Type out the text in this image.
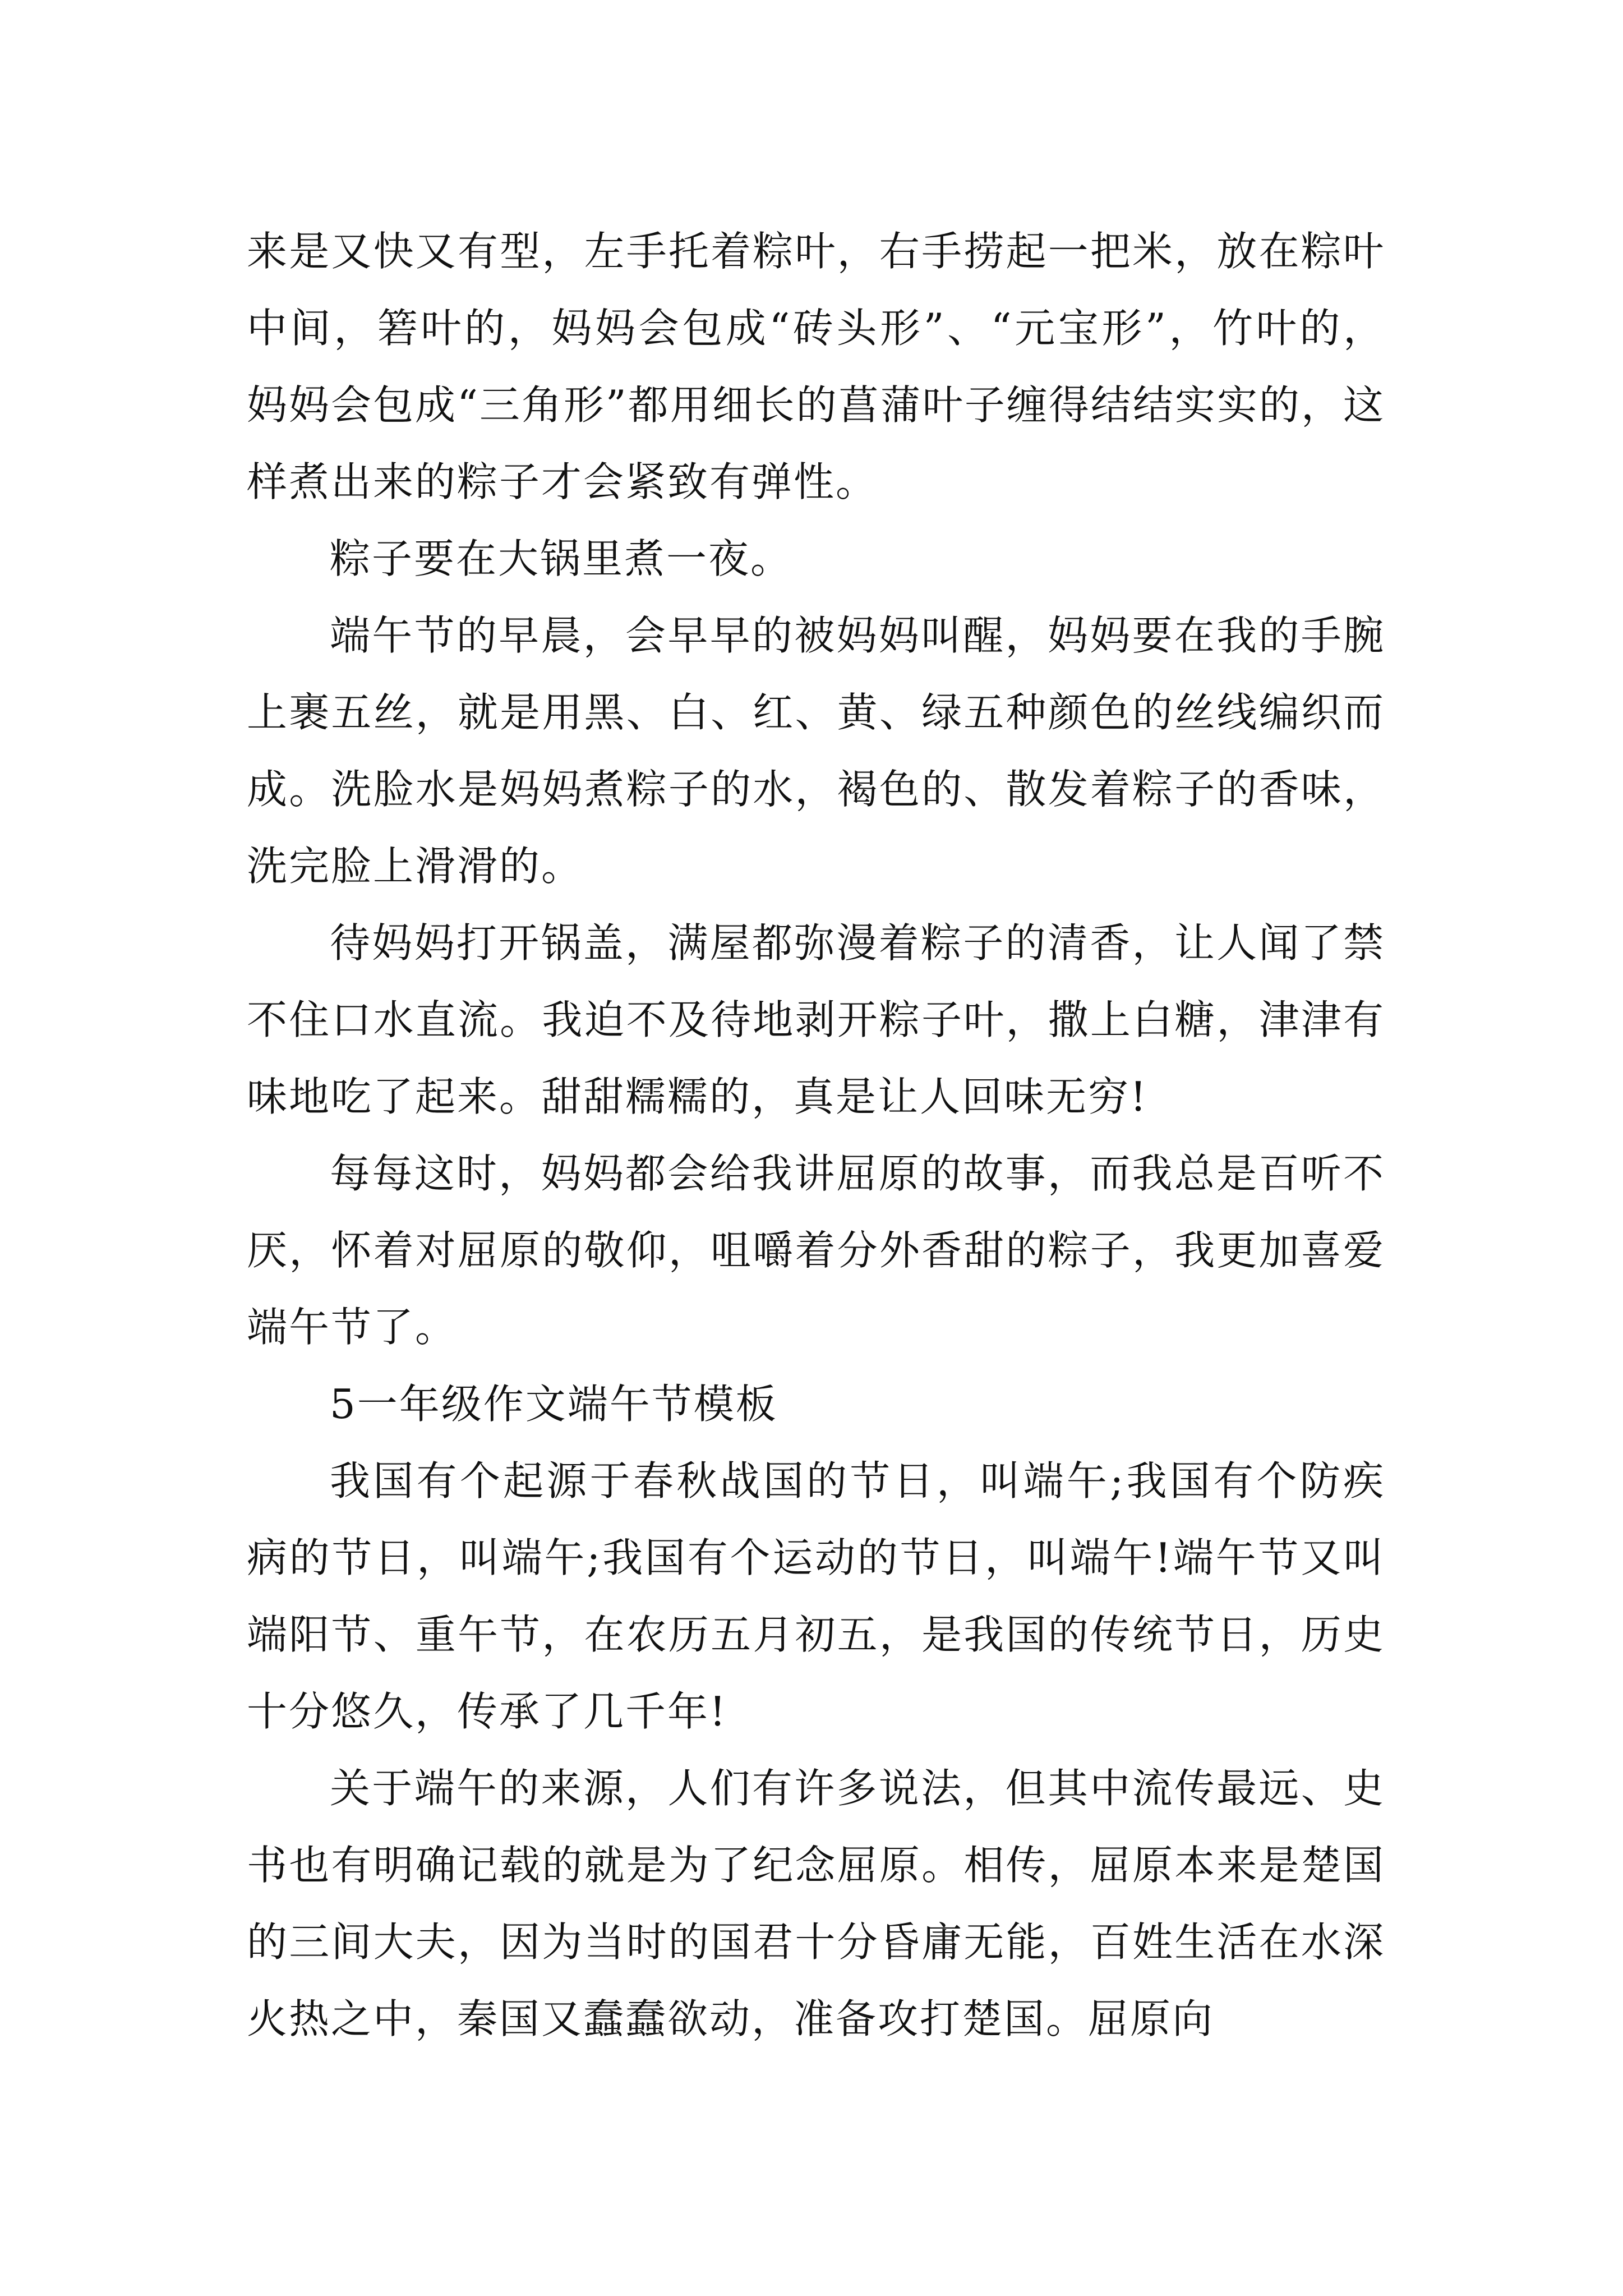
来是又快又有型，左手托着粽叶，右手捞起一把米，放在粽叶中间，箬叶的，妈妈会包成“砖头形”、“元宝形”，竹叶的，妈妈会包成“三角形”都用细长的菖蒲叶子缠得结结实实的，这样煮出来的粽子才会紧致有弹性。

粽子要在大锅里煮一夜。

端午节的早晨，会早早的被妈妈叫醒，妈妈要在我的手腕上裹五丝，就是用黑、白、红、黄、绿五种颜色的丝线编织而成。洗脸水是妈妈煮粽子的水，褐色的、散发着粽子的香味，洗完脸上滑滑的。

待妈妈打开锅盖，满屋都弥漫着粽子的清香，让人闻了禁不住口水直流。我迫不及待地剥开粽子叶，撒上白糖，津津有味地吃了起来。甜甜糯糯的，真是让人回味无穷!

每每这时，妈妈都会给我讲屈原的故事，而我总是百听不厌，怀着对屈原的敬仰，咀嚼着分外香甜的粽子，我更加喜爱端午节了。

5一年级作文端午节模板

我国有个起源于春秋战国的节日，叫端午;我国有个防疾病的节日，叫端午;我国有个运动的节日，叫端午!端午节又叫端阳节、重午节，在农历五月初五，是我国的传统节日，历史十分悠久，传承了几千年!

关于端午的来源，人们有许多说法，但其中流传最远、史书也有明确记载的就是为了纪念屈原。相传，屈原本来是楚国的三间大夫，因为当时的国君十分昏庸无能，百姓生活在水深火热之中，秦国又蠢蠢欲动，准备攻打楚国。屈原向
